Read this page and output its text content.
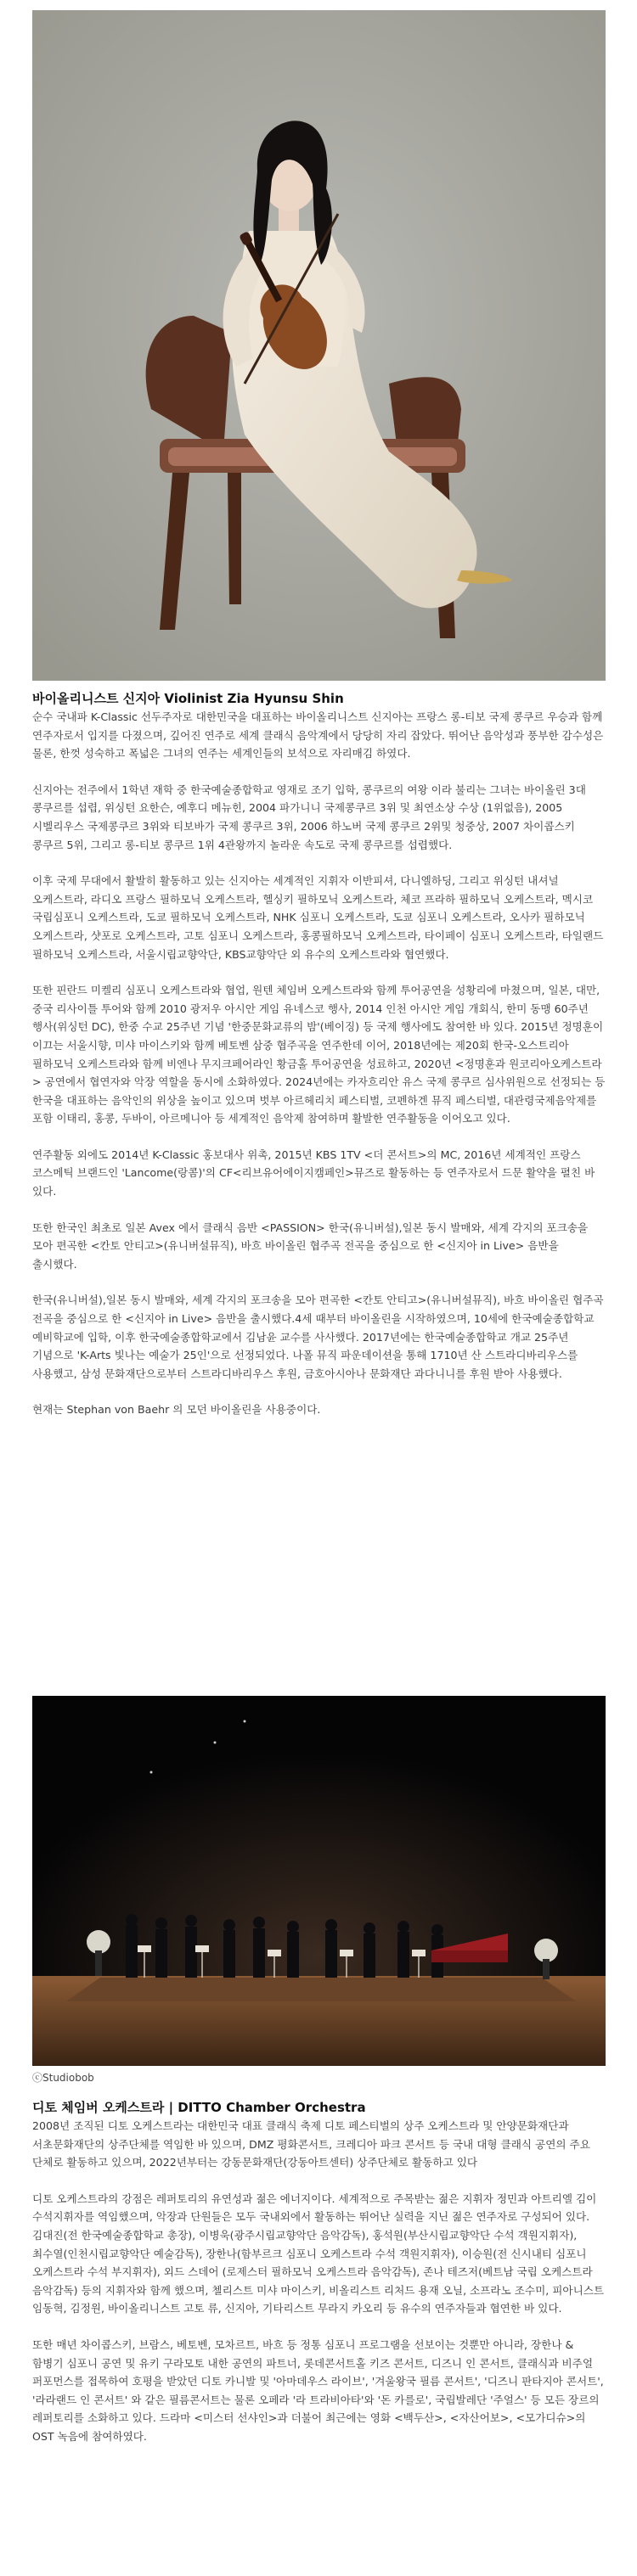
바이올리니스트 신지아 Violinist Zia Hyunsu Shin

순수 국내파 K-Classic 선두주자로 대한민국을 대표하는 바이올리니스트 신지아는 프랑스 롱-티보 국제 콩쿠르 우승과 함께 연주자로서 입지를 다졌으며, 깊어진 연주로 세계 클래식 음악계에서 당당히 자리 잡았다. 뛰어난 음악성과 풍부한 감수성은 물론, 한껏 성숙하고 폭넓은 그녀의 연주는 세계인들의 보석으로 자리매김 하였다.

신지아는 전주에서 1학년 재학 중 한국예술종합학교 영재로 조기 입학, 콩쿠르의 여왕 이라 불리는 그녀는 바이올린 3대 콩쿠르를 섭렵, 위싱턴 요한슨, 예후디 메뉴힌, 2004 파가니니 국제콩쿠르 3위 및 최연소상 수상 (1위없음), 2005 시벨리우스 국제콩쿠르 3위와 티보바가 국제 콩쿠르 3위, 2006 하노버 국제 콩쿠르 2위및 청중상, 2007 차이콥스키 콩쿠르 5위, 그리고 롱-티보 콩쿠르 1위 4관왕까지 놀라운 속도로 국제 콩쿠르를 섭렵했다.

이후 국제 무대에서 활발히 활동하고 있는 신지아는 세계적인 지휘자 이반피셔, 다니엘하딩, 그리고 위싱턴 내셔널 오케스트라, 라디오 프랑스 필하모닉 오케스트라, 헬싱키 필하모닉 오케스트라, 체코 프라하 필하모닉 오케스트라, 멕시코 국립심포니 오케스트라, 도쿄 필하모닉 오케스트라, NHK 심포니 오케스트라, 도쿄 심포니 오케스트라, 오사카 필하모닉 오케스트라, 샷포로 오케스트라, 고토 심포니 오케스트라, 홍콩필하모닉 오케스트라, 타이페이 심포니 오케스트라, 타일랜드 필하모닉 오케스트라, 서울시립교향악단, KBS교향악단 외 유수의 오케스트라와 협연했다.

또한 핀란드 미켈리 심포니 오케스트라와 협업, 원텐 체임버 오케스트라와 함께 투어공연을 성황리에 마쳤으며, 일본, 대만, 중국 리사이틀 투어와 함께 2010 광저우 아시안 게임 유네스코 행사, 2014 인천 아시안 게임 개회식, 한미 동맹 60주년 행사(위싱턴 DC), 한중 수교 25주년 기념 '한중문화교류의 밤'(베이징) 등 국제 행사에도 참여한 바 있다. 2015년 정명훈이 이끄는 서울시향, 미샤 마이스키와 함께 베토벤 삼중 협주곡을 연주한데 이어, 2018년에는 제20회 한국-오스트리아 필하모닉 오케스트라와 함께 비엔나 무지크페어라인 황금홀 투어공연을 성료하고, 2020년 <정명훈과 원코리아오케스트라> 공연에서 협연자와 악장 역할을 동시에 소화하였다. 2024년에는 카자흐리안 유스 국제 콩쿠르 심사위원으로 선정되는 등 한국을 대표하는 음악인의 위상을 높이고 있으며 벗부 아르헤리치 페스티벌, 코펜하겐 뮤직 페스티벌, 대관령국제음악제를 포함 이태리, 홍콩, 두바이, 아르메니아 등 세계적인 음악제 참여하며 활발한 연주활동을 이어오고 있다.

연주활동 외에도 2014년 K-Classic 홍보대사 위촉, 2015년 KBS 1TV <더 콘서트>의 MC, 2016년 세계적인 프랑스 코스메틱 브랜드인 'Lancome(랑콤)'의 CF<리브유어에이지캠페인>뮤즈로 활동하는 등 연주자로서 드문 활약을 펼친 바 있다.

또한 한국인 최초로 일본 Avex 에서 클래식 음반 <PASSION> 한국(유니버설),일본 동시 발매와, 세계 각지의 포크송을 모아 편곡한 <칸토 안티고>(유니버설뮤직), 바흐 바이올린 협주곡 전곡을 중심으로 한 <신지아 in Live> 음반을 출시했다.

한국(유니버설),일본 동시 발매와, 세계 각지의 포크송을 모아 편곡한 <칸토 안티고>(유니버설뮤직), 바흐 바이올린 협주곡 전곡을 중심으로 한 <신지아 in Live> 음반을 출시했다.4세 때부터 바이올린을 시작하였으며, 10세에 한국예술종합학교 예비학교에 입학, 이후 한국예술종합학교에서 김남윤 교수를 사사했다. 2017년에는 한국예술종합학교 개교 25주년 기념으로 'K-Arts 빛나는 예술가 25인'으로 선정되었다. 나폴 뮤직 파운데이션을 통해 1710년 산 스트라디바리우스를 사용했고, 삼성 문화재단으로부터 스트라디바리우스 후원, 금호아시아나 문화재단 과다니니를 후원 받아 사용했다.

현재는 Stephan von Baehr 의 모던 바이올린을 사용중이다.

ⓒStudiobob
디토 체임버 오케스트라 | DITTO Chamber Orchestra

2008년 조직된 디토 오케스트라는 대한민국 대표 클래식 축제 디토 페스티벌의 상주 오케스트라 및 안양문화재단과 서초문화재단의 상주단체를 역임한 바 있으며, DMZ 평화콘서트, 크레디아 파크 콘서트 등 국내 대형 클래식 공연의 주요 단체로 활동하고 있으며, 2022년부터는 강동문화재단(강동아트센터) 상주단체로 활동하고 있다

디토 오케스트라의 강점은 레퍼토리의 유연성과 젊은 에너지이다. 세계적으로 주목받는 젊은 지휘자 정민과 아트리엘 김이 수석지휘자를 역임했으며, 악장과 단원들은 모두 국내외에서 활동하는 뛰어난 실력을 지닌 젊은 연주자로 구성되어 있다. 김대진(전 한국예술종합학교 총장), 이병욱(광주시립교향악단 음악감독), 홍석원(부산시립교향악단 수석 객원지휘자), 최수열(인천시립교향악단 예술감독), 장한나(함부르크 심포니 오케스트라 수석 객원지휘자), 이승원(전 신시내티 심포니 오케스트라 수석 부지휘자), 외드 스데어 (로제스터 필하모닉 오케스트라 음악감독), 존나 테즈저(베트남 국립 오케스트라 음악감독) 등의 지휘자와 함께 했으며, 첼리스트 미샤 마이스키, 비올리스트 리처드 용재 오닐, 소프라노 조수미, 피아니스트 임동혁, 김정원, 바이올리니스트 고토 류, 신지아, 기타리스트 무라지 카오리 등 유수의 연주자들과 협연한 바 있다.

또한 매년 차이콥스키, 브람스, 베토벤, 모차르트, 바흐 등 정통 심포니 프로그램을 선보이는 것뿐만 아니라, 장한나 & 함병기 심포니 공연 및 유키 구라모토 내한 공연의 파트너, 롯데콘서트홀 키즈 콘서트, 디즈니 인 콘서트, 클래식과 비주얼 퍼포먼스를 접목하여 호평을 받았던 디토 카니발 및 '아마데우스 라이브', '겨울왕국 필름 콘서트', '디즈니 판타지아 콘서트', '라라랜드 인 콘서트' 와 같은 필름콘서트는 물론 오페라 '라 트라비아타'와 '돈 카를로', 국립발레단 '주얼스' 등 모든 장르의 레퍼토리를 소화하고 있다. 드라마 <미스터 선샤인>과 더불어 최근에는 영화 <백두산>, <자산어보>, <모가디슈>의 OST 녹음에 참여하였다.
